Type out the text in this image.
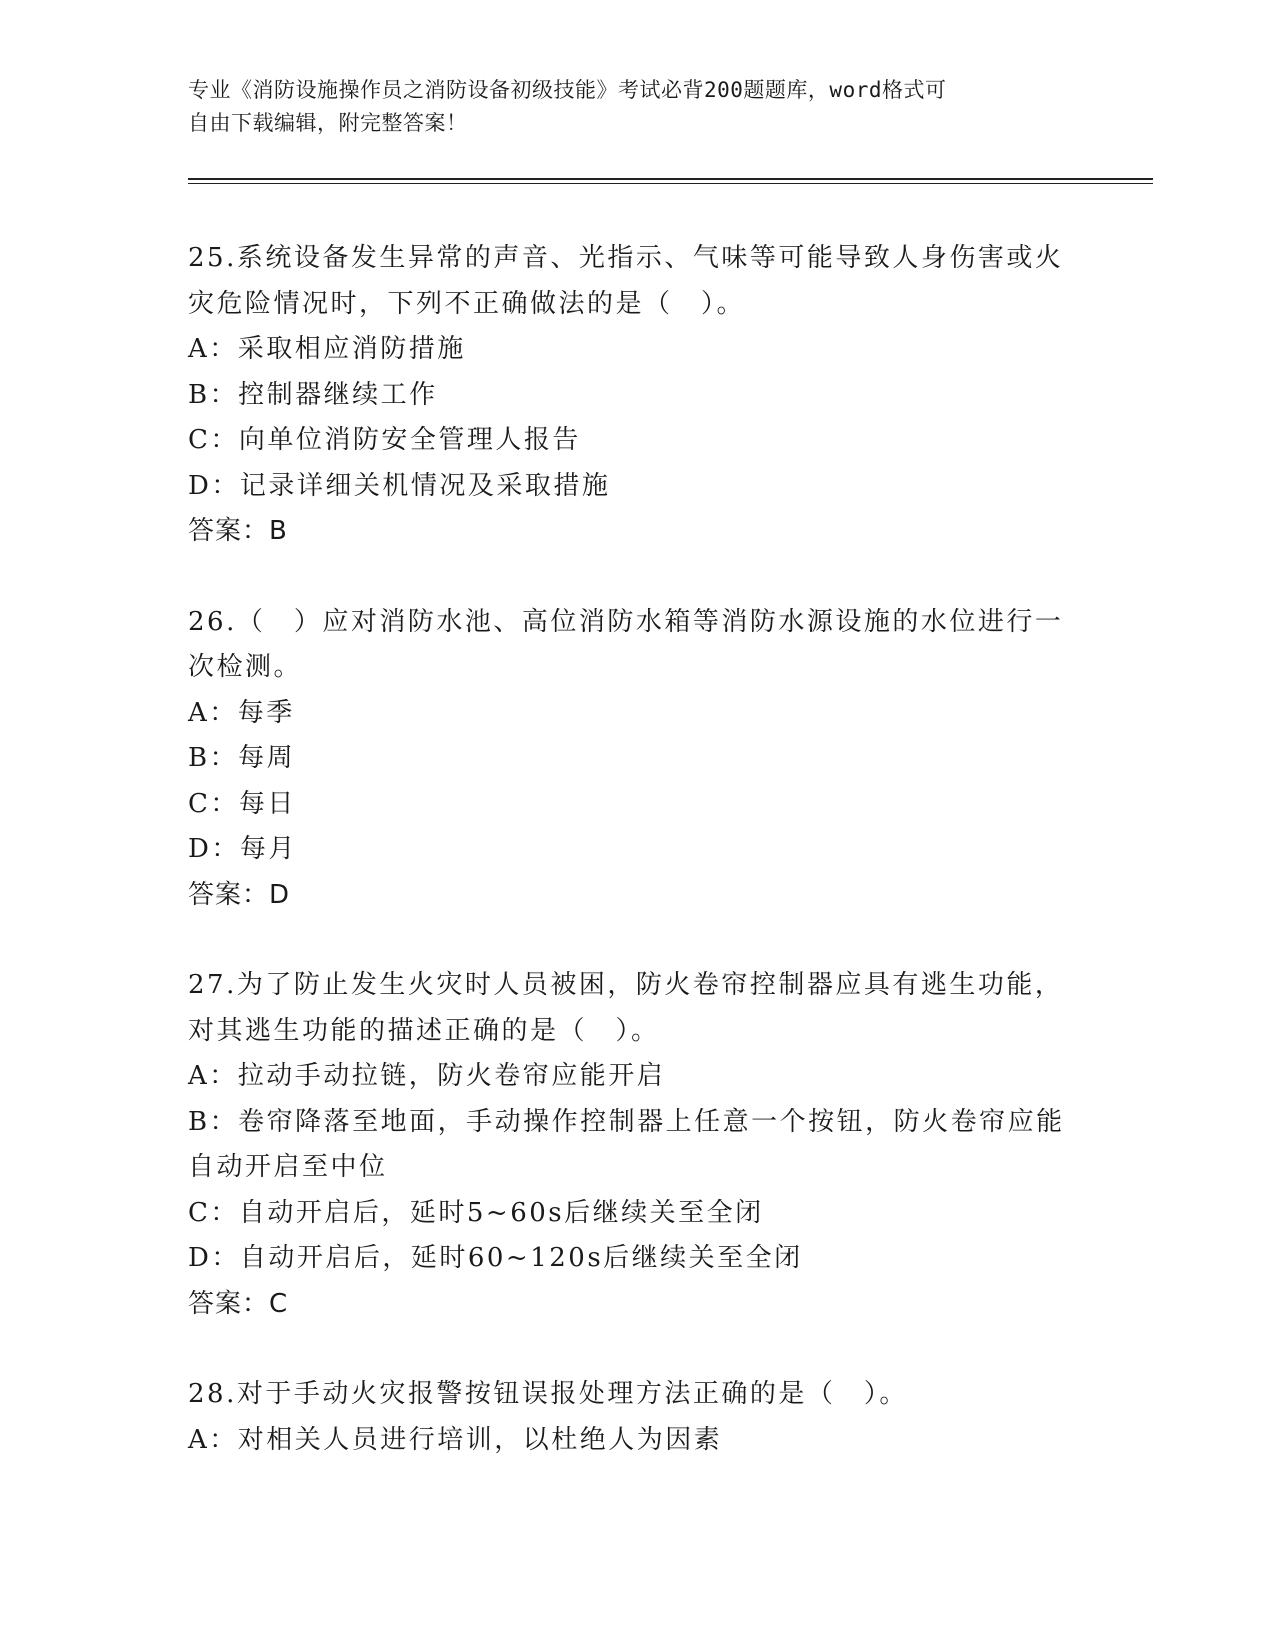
专业《消防设施操作员之消防设备初级技能》考试必背200题题库，word格式可
自由下载编辑，附完整答案！
25.系统设备发生异常的声音、光指示、气味等可能导致人身伤害或火
灾危险情况时，下列不正确做法的是（　）。
A：采取相应消防措施
B：控制器继续工作
C：向单位消防安全管理人报告
D：记录详细关机情况及采取措施
答案：B
26.（　）应对消防水池、高位消防水箱等消防水源设施的水位进行一
次检测。
A：每季
B：每周
C：每日
D：每月
答案：D
27.为了防止发生火灾时人员被困，防火卷帘控制器应具有逃生功能，
对其逃生功能的描述正确的是（　）。
A：拉动手动拉链，防火卷帘应能开启
B：卷帘降落至地面，手动操作控制器上任意一个按钮，防火卷帘应能
自动开启至中位
C：自动开启后，延时5~60s后继续关至全闭
D：自动开启后，延时60~120s后继续关至全闭
答案：C
28.对于手动火灾报警按钮误报处理方法正确的是（　）。
A：对相关人员进行培训，以杜绝人为因素
